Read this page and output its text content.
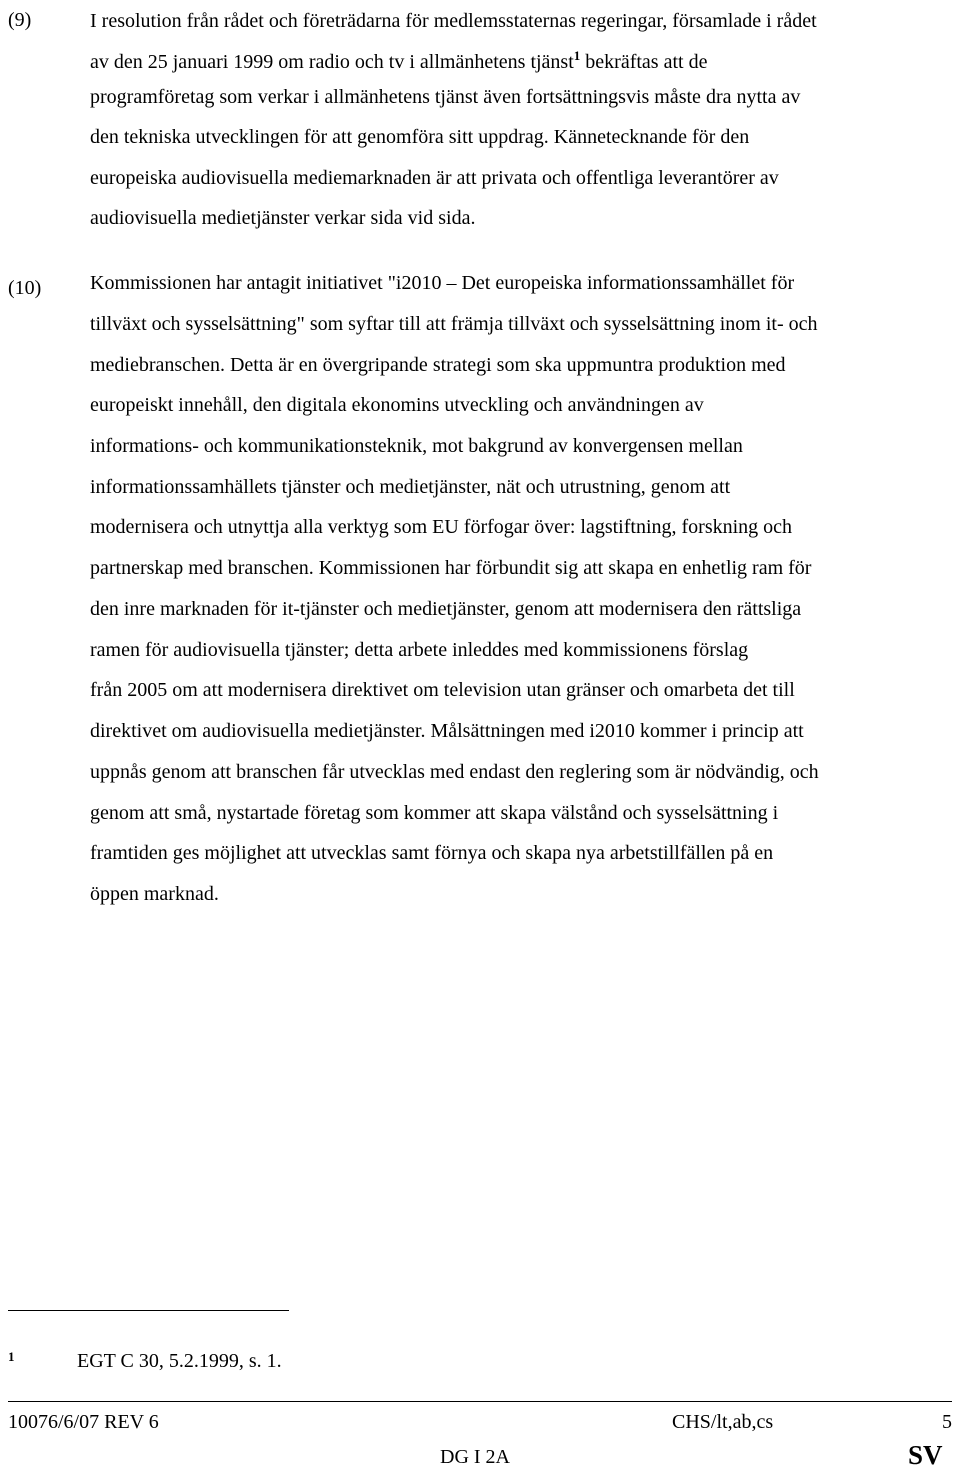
(9)	I resolution från rådet och företrädarna för medlemsstaternas regeringar, församlade i rådet
av den 25 januari 1999 om radio och tv i allmänhetens tjänst$^1$ bekräftas att de
programföretag som verkar i allmänhetens tjänst även fortsättningsvis måste dra nytta av
den tekniska utvecklingen för att genomföra sitt uppdrag. Kännetecknande för den
europeiska audiovisuella mediemarknaden är att privata och offentliga leverantörer av
audiovisuella medietjänster verkar sida vid sida.
(10) Kommissionen har antagit initiativet "i2010 – Det europeiska informationssamhället för
tillväxt och sysselsättning" som syftar till att främja tillväxt och sysselsättning inom it- och
mediebranschen. Detta är en övergripande strategi som ska uppmuntra produktion med
europeiskt innehåll, den digitala ekonomins utveckling och användningen av
informations- och kommunikationsteknik, mot bakgrund av konvergensen mellan
informationssamhällets tjänster och medietjänster, nät och utrustning, genom att
modernisera och utnyttja alla verktyg som EU förfogar över: lagstiftning, forskning och
partnerskap med branschen. Kommissionen har förbundit sig att skapa en enhetlig ram för
den inre marknaden för it-tjänster och medietjänster, genom att modernisera den rättsliga
ramen för audiovisuella tjänster; detta arbete inleddes med kommissionens förslag
från 2005 om att modernisera direktivet om television utan gränser och omarbeta det till
direktivet om audiovisuella medietjänster. Målsättningen med i2010 kommer i princip att
uppnås genom att branschen får utvecklas med endast den reglering som är nödvändig, och
genom att små, nystartade företag som kommer att skapa välstånd och sysselsättning i
framtiden ges möjlighet att utvecklas samt förnya och skapa nya arbetstillfällen på en
öppen marknad.
1	EGT C 30, 5.2.1999, s. 1.
10076/6/07 REV 6	CHS/lt,ab,cs	5
DG I 2A	SV
